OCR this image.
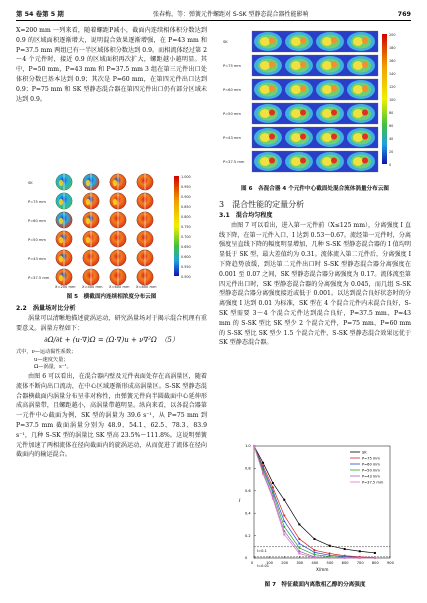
第 54 卷第 5 期	张春梅，等：弹簧元件螺距对 S-SK 型静态混合器性能影响	769

X=200 mm 一列来看，随着螺距P减小，截面内连续相体积分数达到 0.9 的区域面积逐渐增大，说明混合效果逐渐增强，在 P=43 mm 和 P=37.5 mm 两组已有一半区域体积分数达到 0.9。而相流体经过第 2～4 个元件时，接近 0.9 的区域面积再次扩大，螺距越小越明显。其中，P=50 mm，P=43 mm 和 P=37.5 mm 3 组在第三元件出口处体积分数已基本达到 0.9；其次是 P=60 mm，在第四元件出口达到 0.9；P=75 mm 和 SK 型静态混合器在第四元件出口仍有部分区域未达到 0.9。

SK
P=75 mm
P=60 mm
P=50 mm
P=43 mm
P=37.5 mm
X=200 mm X=400 mm X=600 mm X=800 mm
1.000
0.950
0.900
0.850
0.800
0.750
0.700
0.650
0.600
0.550
0.500
图 5　横截面内连续相浓度分布云图

2.2　涡量场对比分析

涡量可以清晰地描述旋涡运动，研究涡量场对于揭示混合机理有重要意义。涡量方程如下：

∂Ω/∂t + (u·∇)Ω = (Ω·∇)u + ν∇²Ω　（5）

式中，ν—运动黏性系数；

u—速度矢量；

Ω—涡量，s⁻¹。

由图 6 可以看出，在混合器内壁及元件表面处存在高涡量区，随着流体不断向出口流动，在中心区域逐渐形成高涡量区。S-SK 型静态混合器横截面内涡量分布呈非对称性，由弹簧元件向半圆截面中心延伸形成高涡量带，且螺距越小，高涡量带越明显。纵向来看，以各混合器第一元件中心截面为例，SK 型的涡量为 39.6 s⁻¹，从 P=75 mm 到 P=37.5 mm 截面涡量分别为 48.9、54.1、62.5、78.3、83.9 s⁻¹，几种 S-SK 型的涡量比 SK 型高 23.5%～111.8%。这说明弹簧元件加速了两相流体在径向截面内的旋涡运动，从而促进了流体在径向截面内的输运混合。

SK
P=75 mm
P=60 mm
P=50 mm
P=43 mm
P=37.5 mm
200
180
160
140
120
100
80
60
40
20
0
图 6　各混合器 4 个元件中心截面处混合流体涡量分布云图

3　混合性能的定量分析

3.1　混合均匀程度

由图 7 可以看出，进入第一元件前（X≤125 mm），分离强度 I 直线下降，在第一元件入口，I 达到 0.53～0.67。流经第一元件时，分离强度呈直线下降的幅度明显增加，几种 S-SK 型静态混合器的 I 值均明显低于 SK 型，最大差值约为 0.31。流体流入第二元件后，分离强度 I 下降趋势放缓，到达第二元件出口时 S-SK 型静态混合器分离强度在 0.001 至 0.07 之间，SK 型静态混合器分离强度为 0.17。流体流至第四元件出口时，SK 型静态混合器的分离强度为 0.045，而几组 S-SK 型静态混合器分离强度接近或低于 0.001。以达到混合良好状态时的分离强度 I 达到 0.01 为标准，SK 型在 4 个混合元件内未混合良好，S-SK 型需要 3～4 个混合元件达到混合良好，P=37.5 mm、P=43 mm 的 S-SK 型比 SK 型少 2 个混合元件，P=75 mm、P=60 mm 的 S-SK 型比 SK 型少 1.5 个混合元件，S-SK 型静态混合效果远优于 SK 型静态混合器。

0	100 200 300 400 500 600 700 800 900
0
0.2
0.4
0.6
0.8
1.0
X/mm
I
I=0.1
I=0.01
SK
P=75 mm
P=60 mm
P=50 mm
P=43 mm
P=37.5 mm
图 7　特征截面内离散相乙醇的分离强度
